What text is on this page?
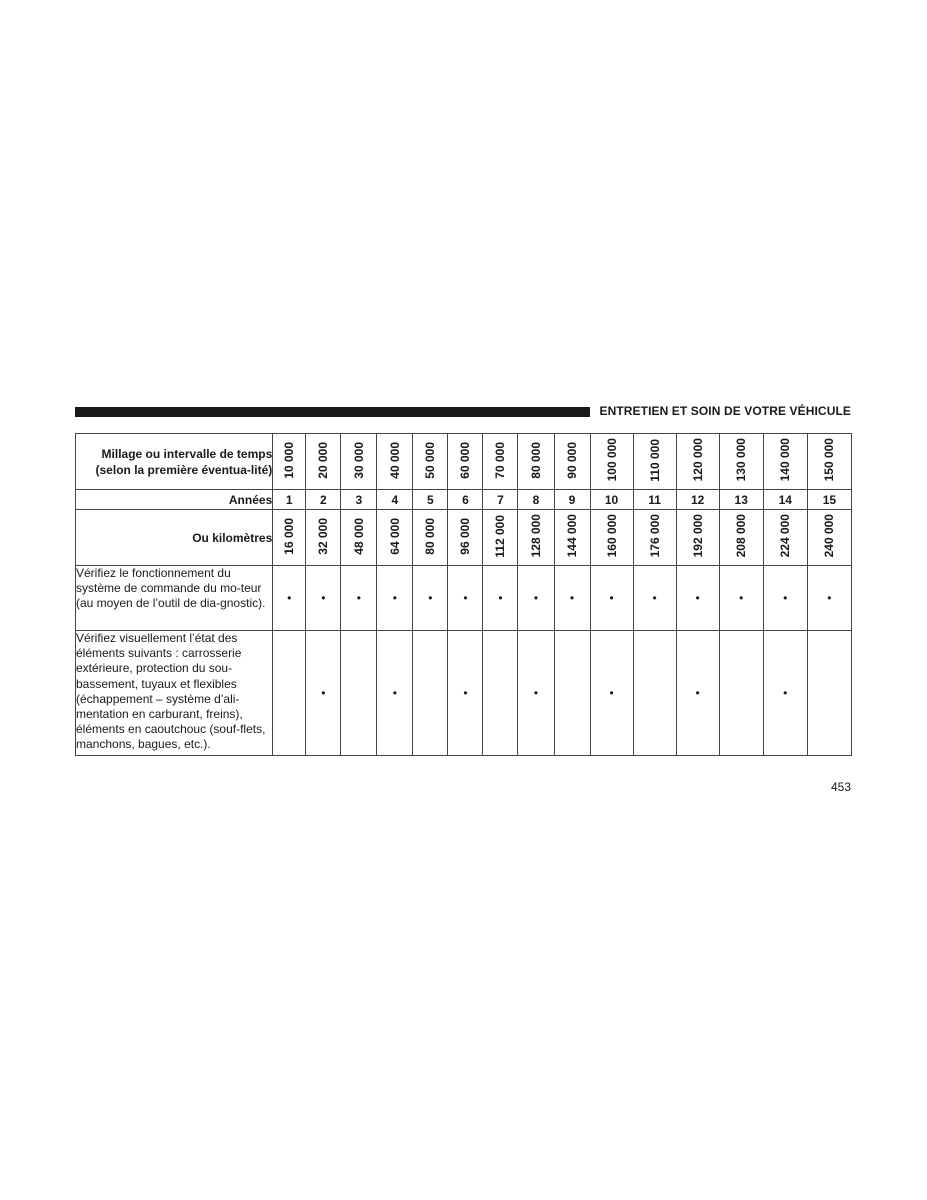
ENTRETIEN ET SOIN DE VOTRE VÉHICULE
Millage ou intervalle de temps (selon la première éventua-lité)	10 000	20 000	30 000	40 000	50 000	60 000	70 000	80 000	90 000	100 000	110 000	120 000	130 000	140 000	150 000
Années	1	2	3	4	5	6	7	8	9	10	11	12	13	14	15
Ou kilomètres	16 000	32 000	48 000	64 000	80 000	96 000	112 000	128 000	144 000	160 000	176 000	192 000	208 000	224 000	240 000
Vérifiez le fonctionnement du système de commande du mo-teur (au moyen de l’outil de dia-gnostic).	•	•	•	•	•	•	•	•	•	•	•	•	•	•	•
Vérifiez visuellement l’état des éléments suivants : carrosserie extérieure, protection du sou-bassement, tuyaux et flexibles (échappement – système d’ali-mentation en carburant, freins), éléments en caoutchouc (souf-flets, manchons, bagues, etc.).		•		•		•		•		•		•		•	
453
